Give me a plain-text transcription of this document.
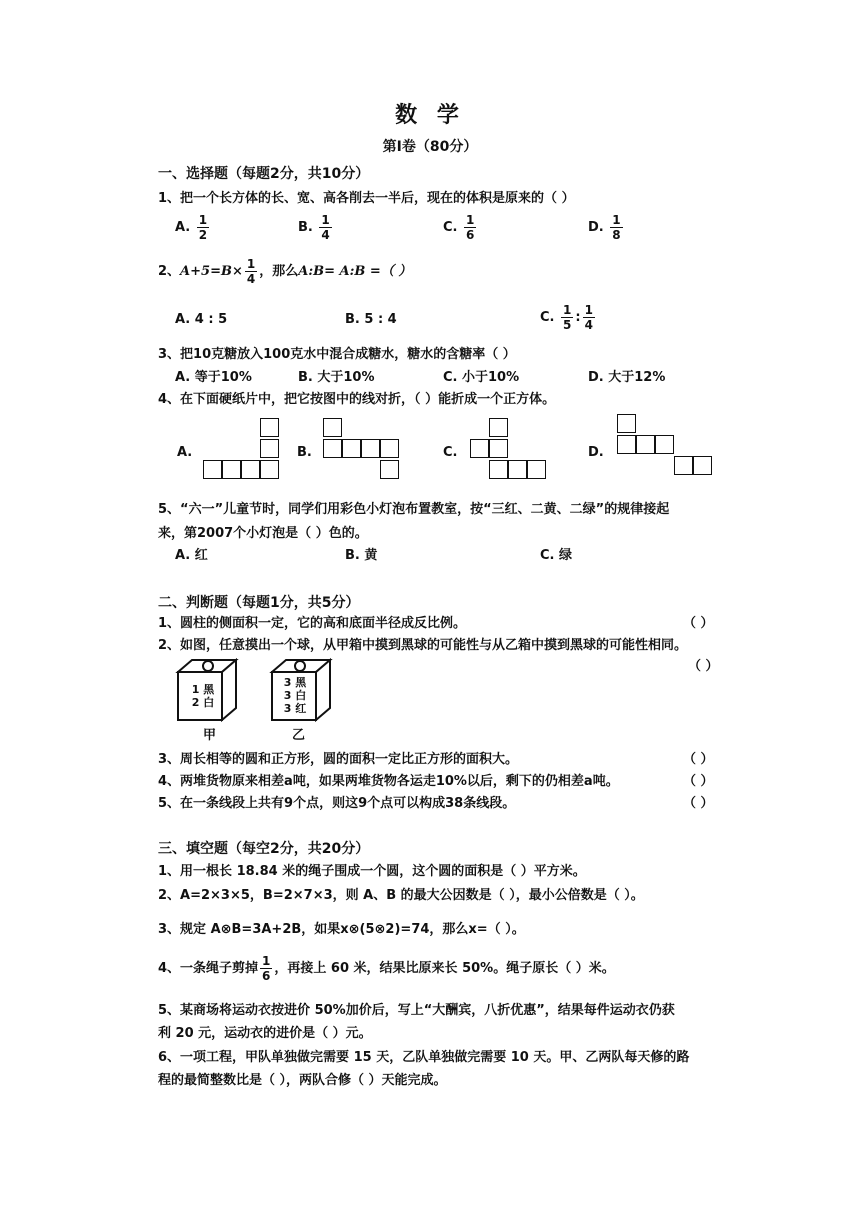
数 学
第Ⅰ卷（80分）
一、选择题（每题2分，共10分）
1、把一个长方体的长、宽、高各削去一半后，现在的体积是原来的（ ）
A. $\frac{1}{2}$	B. $\frac{1}{4}$	C. $\frac{1}{6}$	D. $\frac{1}{8}$
2、$A+5=B\times \frac{1}{4}$ ，那么A:B= A:B =（ ）
A. 4 : 5	B. 5 : 4	C. $\frac{1}{5}$ : $\frac{1}{4}$
3、把10克糖放入100克水中混合成糖水，糖水的含糖率（ ）
A. 等于10%	B. 大于10%	C. 小于10%	D. 大于12%
4、在下面硬纸片中，把它按图中的线对折，（ ）能折成一个正方体。
A.	B.	C.	D.
5、“六一”儿童节时，同学们用彩色小灯泡布置教室，按“三红、二黄、二绿”的规律接起
来，第2007个小灯泡是（ ）色的。
A. 红	B. 黄	C. 绿
二、判断题（每题1分，共5分）
1、圆柱的侧面积一定，它的高和底面半径成反比例。	（ ）
2、如图，任意摸出一个球，从甲箱中摸到黑球的可能性与从乙箱中摸到黑球的可能性相同。
（ ）
1 黑
2 白
甲
3 黑
3 白
3 红
乙
3、周长相等的圆和正方形，圆的面积一定比正方形的面积大。	（ ）
4、两堆货物原来相差a吨，如果两堆货物各运走10%以后，剩下的仍相差a吨。	（ ）
5、在一条线段上共有9个点，则这9个点可以构成38条线段。	（ ）
三、填空题（每空2分，共20分）
1、用一根长 18.84 米的绳子围成一个圆，这个圆的面积是（ ）平方米。
2、A=2×3×5，B=2×7×3，则 A、B 的最大公因数是（ ），最小公倍数是（ ）。
3、规定 A⊗B=3A+2B，如果x⊗(5⊗2)=74，那么x=（ ）。
4、一条绳子剪掉 $\frac{1}{6}$ ，再接上 60 米，结果比原来长 50%。绳子原长（ ）米。
5、某商场将运动衣按进价 50%加价后，写上“大酬宾，八折优惠”，结果每件运动衣仍获
利 20 元，运动衣的进价是（ ）元。
6、一项工程，甲队单独做完需要 15 天，乙队单独做完需要 10 天。甲、乙两队每天修的路
程的最简整数比是（ ），两队合修（ ）天能完成。
